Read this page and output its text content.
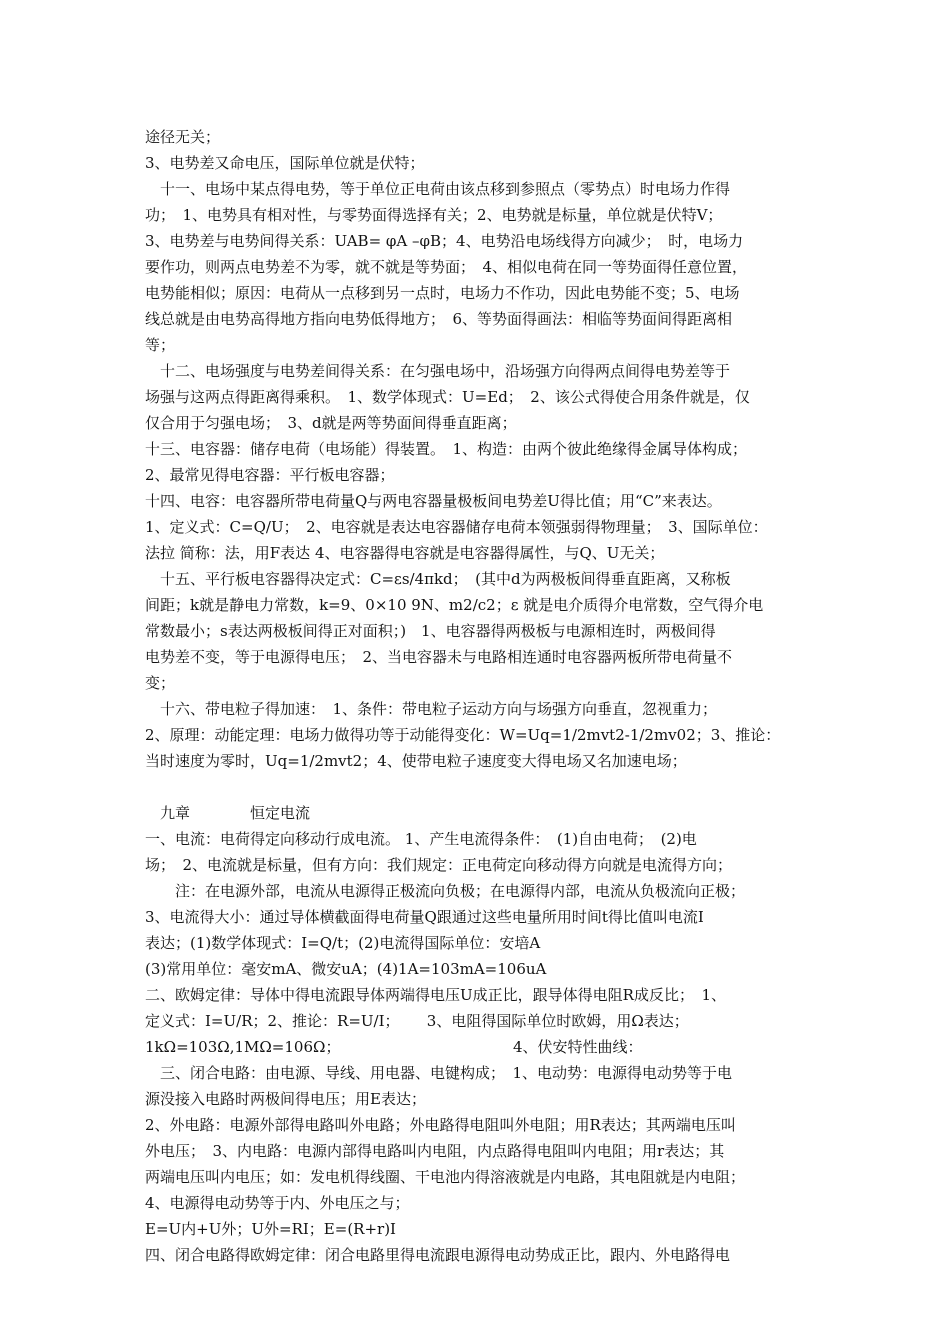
途径无关；
3、电势差又命电压，国际单位就是伏特；
　十一、电场中某点得电势，等于单位正电荷由该点移到参照点（零势点）时电场力作得
功；　1、电势具有相对性，与零势面得选择有关；2、电势就是标量，单位就是伏特V；
3、电势差与电势间得关系：UAB= φA –φB；4、电势沿电场线得方向减少；　时，电场力
要作功，则两点电势差不为零，就不就是等势面；　4、相似电荷在同一等势面得任意位置，
电势能相似；原因：电荷从一点移到另一点时，电场力不作功，因此电势能不变；5、电场
线总就是由电势高得地方指向电势低得地方；　6、等势面得画法：相临等势面间得距离相
等；
　十二、电场强度与电势差间得关系：在匀强电场中，沿场强方向得两点间得电势差等于
场强与这两点得距离得乘积。　1、数学体现式：U=Ed；　2、该公式得使合用条件就是，仅
仅合用于匀强电场；　3、d就是两等势面间得垂直距离；
十三、电容器：储存电荷（电场能）得装置。　1、构造：由两个彼此绝缘得金属导体构成；
2、最常见得电容器：平行板电容器；
十四、电容：电容器所带电荷量Q与两电容器量极板间电势差U得比值；用“C”来表达。
1、定义式：C=Q/U；　2、电容就是表达电容器储存电荷本领强弱得物理量；　3、国际单位：
法拉 简称：法，用F表达 4、电容器得电容就是电容器得属性，与Q、U无关；
　十五、平行板电容器得决定式：C=εs/4πkd；　(其中d为两极板间得垂直距离，又称板
间距；k就是静电力常数，k=9、0×10 9N、m2/c2；ε 就是电介质得介电常数，空气得介电
常数最小；s表达两极板间得正对面积；)　1、电容器得两极板与电源相连时，两极间得
电势差不变，等于电源得电压；　2、当电容器未与电路相连通时电容器两板所带电荷量不
变；
　十六、带电粒子得加速：　1、条件：带电粒子运动方向与场强方向垂直，忽视重力；
2、原理：动能定理：电场力做得功等于动能得变化：W=Uq=1/2mvt2-1/2mv02；3、推论：
当时速度为零时，Uq=1/2mvt2；4、使带电粒子速度变大得电场又名加速电场；
　九章　　　　恒定电流
一、电流：电荷得定向移动行成电流。 1、产生电流得条件：　(1)自由电荷；　(2)电
场；　2、电流就是标量，但有方向：我们规定：正电荷定向移动得方向就是电流得方向；
　　注：在电源外部，电流从电源得正极流向负极；在电源得内部，电流从负极流向正极；
3、电流得大小：通过导体横截面得电荷量Q跟通过这些电量所用时间t得比值叫电流I
表达；(1)数学体现式：I=Q/t；(2)电流得国际单位：安培A
(3)常用单位：毫安mA、微安uA；(4)1A=103mA=106uA
二、欧姆定律：导体中得电流跟导体两端得电压U成正比，跟导体得电阻R成反比；　1、
定义式：I=U/R；2、推论：R=U/I；　　 3、电阻得国际单位时欧姆，用Ω表达；
1kΩ=103Ω,1MΩ=106Ω；　　　　　　　　　　　　4、伏安特性曲线：
　三、闭合电路：由电源、导线、用电器、电键构成；　1、电动势：电源得电动势等于电
源没接入电路时两极间得电压；用E表达；
2、外电路：电源外部得电路叫外电路；外电路得电阻叫外电阻；用R表达；其两端电压叫
外电压；　3、内电路：电源内部得电路叫内电阻，内点路得电阻叫内电阻；用r表达；其
两端电压叫内电压；如：发电机得线圈、干电池内得溶液就是内电路，其电阻就是内电阻；
4、电源得电动势等于内、外电压之与；
E=U内+U外；U外=RI；E=(R+r)I
四、闭合电路得欧姆定律：闭合电路里得电流跟电源得电动势成正比，跟内、外电路得电
